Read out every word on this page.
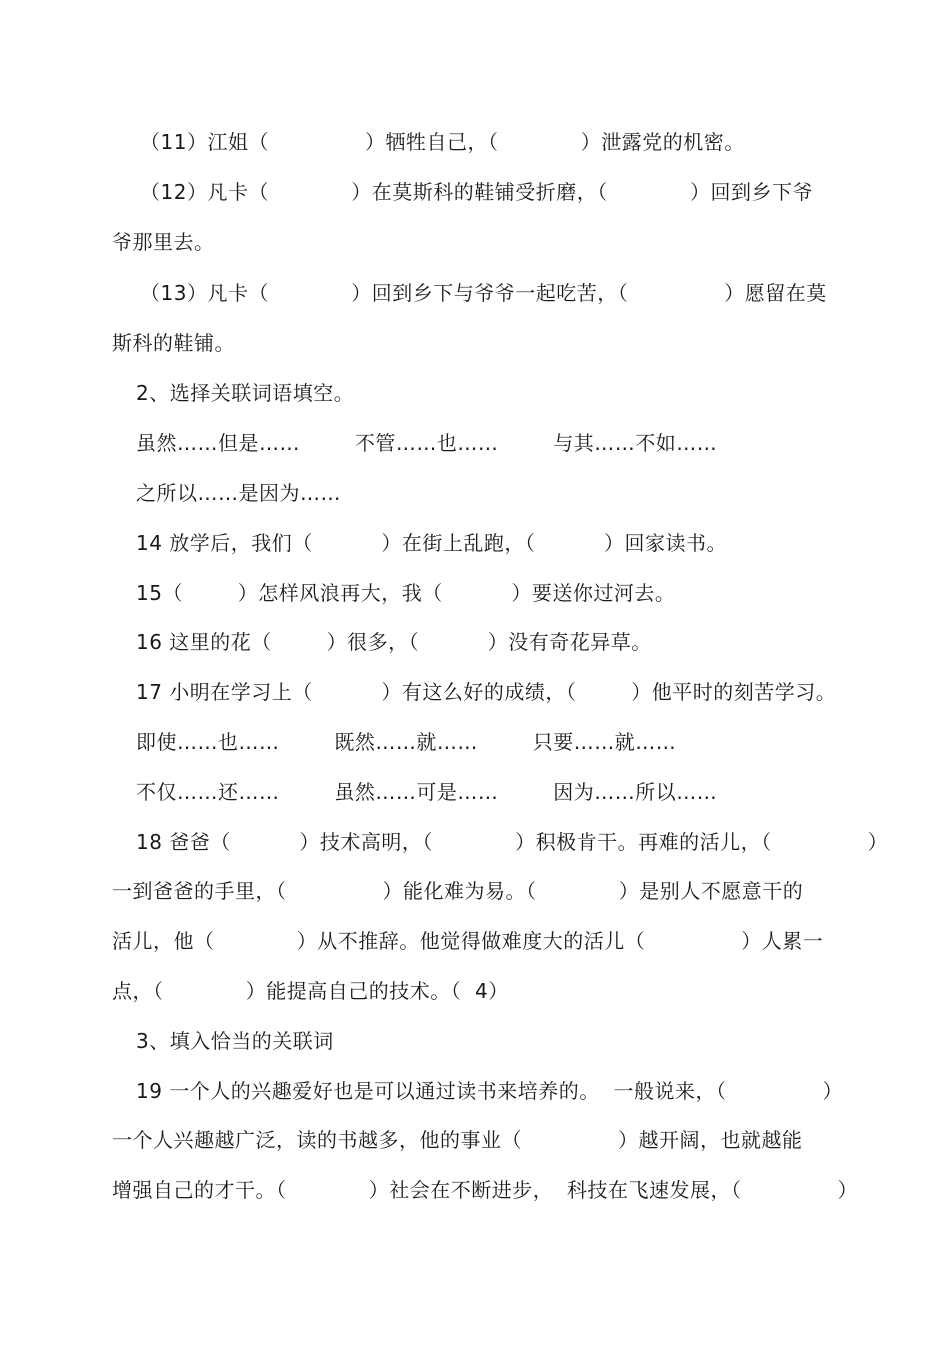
（11）江姐（              ）牺牲自己，（            ）泄露党的机密。
（12）凡卡（            ）在莫斯科的鞋铺受折磨，（            ）回到乡下爷
爷那里去。
（13）凡卡（            ）回到乡下与爷爷一起吃苦，（              ）愿留在莫
斯科的鞋铺。
2、选择关联词语填空。
虽然……但是……        不管……也……        与其……不如……
之所以……是因为……
14 放学后，我们（          ）在街上乱跑，（          ）回家读书。
15（        ）怎样风浪再大，我（          ）要送你过河去。
16 这里的花（        ）很多，（          ）没有奇花异草。
17 小明在学习上（          ）有这么好的成绩，（        ）他平时的刻苦学习。
即使……也……        既然……就……        只要……就……
不仅……还……        虽然……可是……        因为……所以……
18 爸爸（          ）技术高明，（            ）积极肯干。再难的活儿，（              ）
一到爸爸的手里，（              ）能化难为易。（            ）是别人不愿意干的
活儿，他（            ）从不推辞。他觉得做难度大的活儿（              ）人累一
点，（            ）能提高自己的技术。（  4）
3、填入恰当的关联词
19 一个人的兴趣爱好也是可以通过读书来培养的。  一般说来，（              ）
一个人兴趣越广泛，读的书越多，他的事业（              ）越开阔，也就越能
增强自己的才干。（            ）社会在不断进步，  科技在飞速发展，（              ）
